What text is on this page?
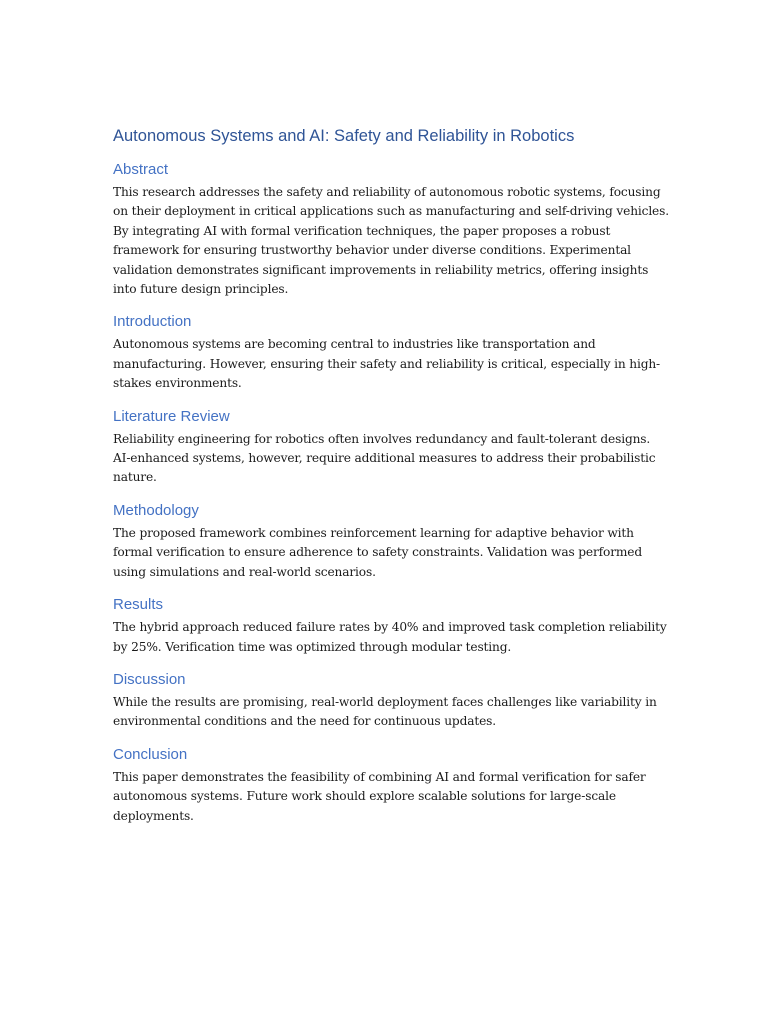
Autonomous Systems and AI: Safety and Reliability in Robotics
Abstract
This research addresses the safety and reliability of autonomous robotic systems, focusing
on their deployment in critical applications such as manufacturing and self-driving vehicles.
By integrating AI with formal verification techniques, the paper proposes a robust
framework for ensuring trustworthy behavior under diverse conditions. Experimental
validation demonstrates significant improvements in reliability metrics, offering insights
into future design principles.
Introduction
Autonomous systems are becoming central to industries like transportation and
manufacturing. However, ensuring their safety and reliability is critical, especially in high-
stakes environments.
Literature Review
Reliability engineering for robotics often involves redundancy and fault-tolerant designs.
AI-enhanced systems, however, require additional measures to address their probabilistic
nature.
Methodology
The proposed framework combines reinforcement learning for adaptive behavior with
formal verification to ensure adherence to safety constraints. Validation was performed
using simulations and real-world scenarios.
Results
The hybrid approach reduced failure rates by 40% and improved task completion reliability
by 25%. Verification time was optimized through modular testing.
Discussion
While the results are promising, real-world deployment faces challenges like variability in
environmental conditions and the need for continuous updates.
Conclusion
This paper demonstrates the feasibility of combining AI and formal verification for safer
autonomous systems. Future work should explore scalable solutions for large-scale
deployments.
